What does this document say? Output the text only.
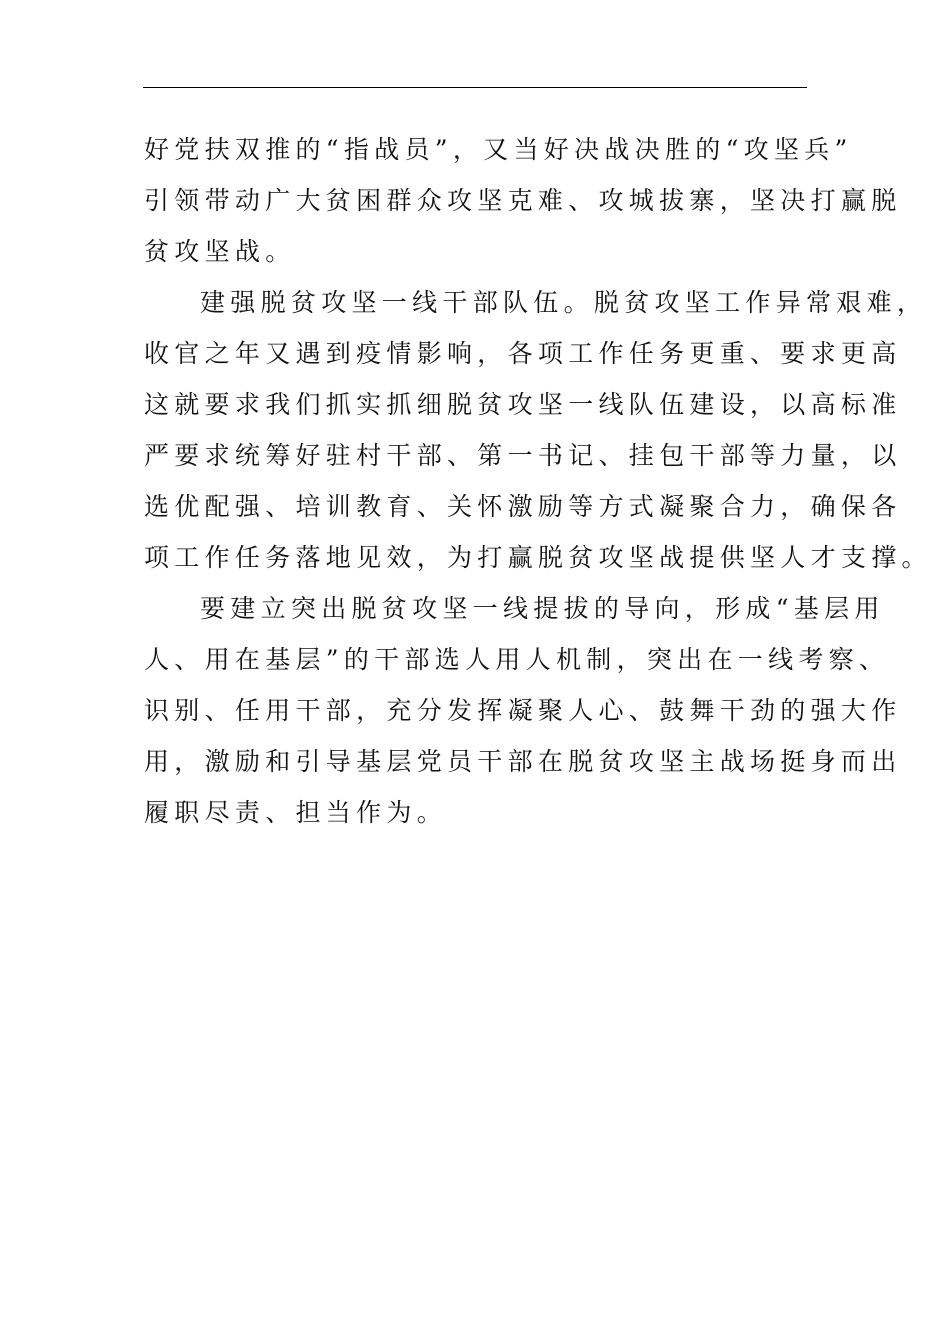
好党扶双推的“指战员”，又当好决战决胜的“攻坚兵”
引领带动广大贫困群众攻坚克难、攻城拔寨，坚决打赢脱
贫攻坚战。
建强脱贫攻坚一线干部队伍。脱贫攻坚工作异常艰难，
收官之年又遇到疫情影响，各项工作任务更重、要求更高
这就要求我们抓实抓细脱贫攻坚一线队伍建设，以高标准
严要求统筹好驻村干部、第一书记、挂包干部等力量，以
选优配强、培训教育、关怀激励等方式凝聚合力，确保各
项工作任务落地见效，为打赢脱贫攻坚战提供坚人才支撑。
要建立突出脱贫攻坚一线提拔的导向，形成“基层用
人、用在基层”的干部选人用人机制，突出在一线考察、
识别、任用干部，充分发挥凝聚人心、鼓舞干劲的强大作
用，激励和引导基层党员干部在脱贫攻坚主战场挺身而出
履职尽责、担当作为。
